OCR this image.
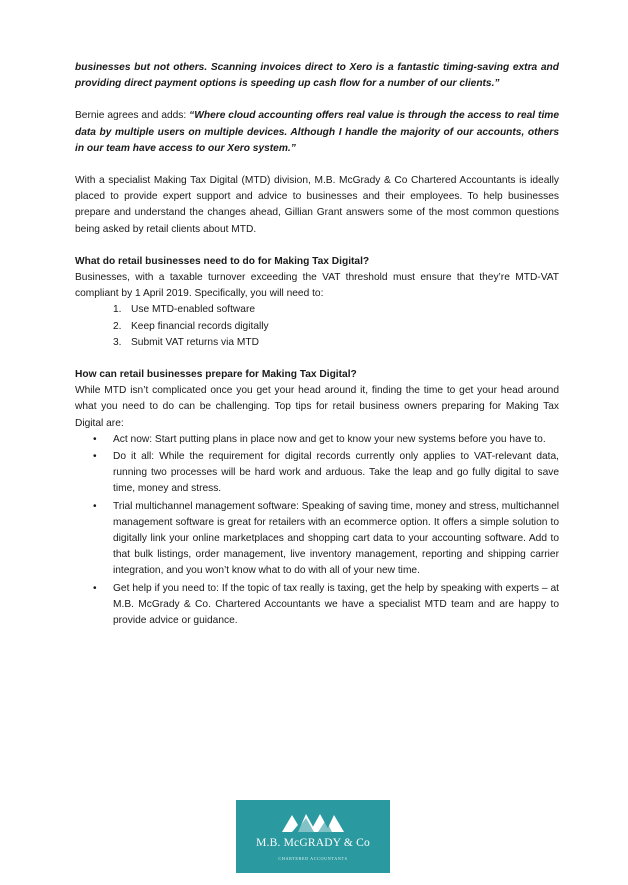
businesses but not others. Scanning invoices direct to Xero is a fantastic timing-saving extra and providing direct payment options is speeding up cash flow for a number of our clients.”

Bernie agrees and adds: “Where cloud accounting offers real value is through the access to real time data by multiple users on multiple devices. Although I handle the majority of our accounts, others in our team have access to our Xero system.”

With a specialist Making Tax Digital (MTD) division, M.B. McGrady & Co Chartered Accountants is ideally placed to provide expert support and advice to businesses and their employees. To help businesses prepare and understand the changes ahead, Gillian Grant answers some of the most common questions being asked by retail clients about MTD.

What do retail businesses need to do for Making Tax Digital?

Businesses, with a taxable turnover exceeding the VAT threshold must ensure that they’re MTD-VAT compliant by 1 April 2019. Specifically, you will need to:

1. Use MTD-enabled software
2. Keep financial records digitally
3. Submit VAT returns via MTD

How can retail businesses prepare for Making Tax Digital?

While MTD isn’t complicated once you get your head around it, finding the time to get your head around what you need to do can be challenging. Top tips for retail business owners preparing for Making Tax Digital are:

• Act now: Start putting plans in place now and get to know your new systems before you have to.
• Do it all: While the requirement for digital records currently only applies to VAT-relevant data, running two processes will be hard work and arduous. Take the leap and go fully digital to save time, money and stress.
• Trial multichannel management software: Speaking of saving time, money and stress, multichannel management software is great for retailers with an ecommerce option. It offers a simple solution to digitally link your online marketplaces and shopping cart data to your accounting software. Add to that bulk listings, order management, live inventory management, reporting and shipping carrier integration, and you won’t know what to do with all of your new time.
• Get help if you need to: If the topic of tax really is taxing, get the help by speaking with experts – at M.B. McGrady & Co. Chartered Accountants we have a specialist MTD team and are happy to provide advice or guidance.
M.B. McGRADY & Co
CHARTERED ACCOUNTANTS
